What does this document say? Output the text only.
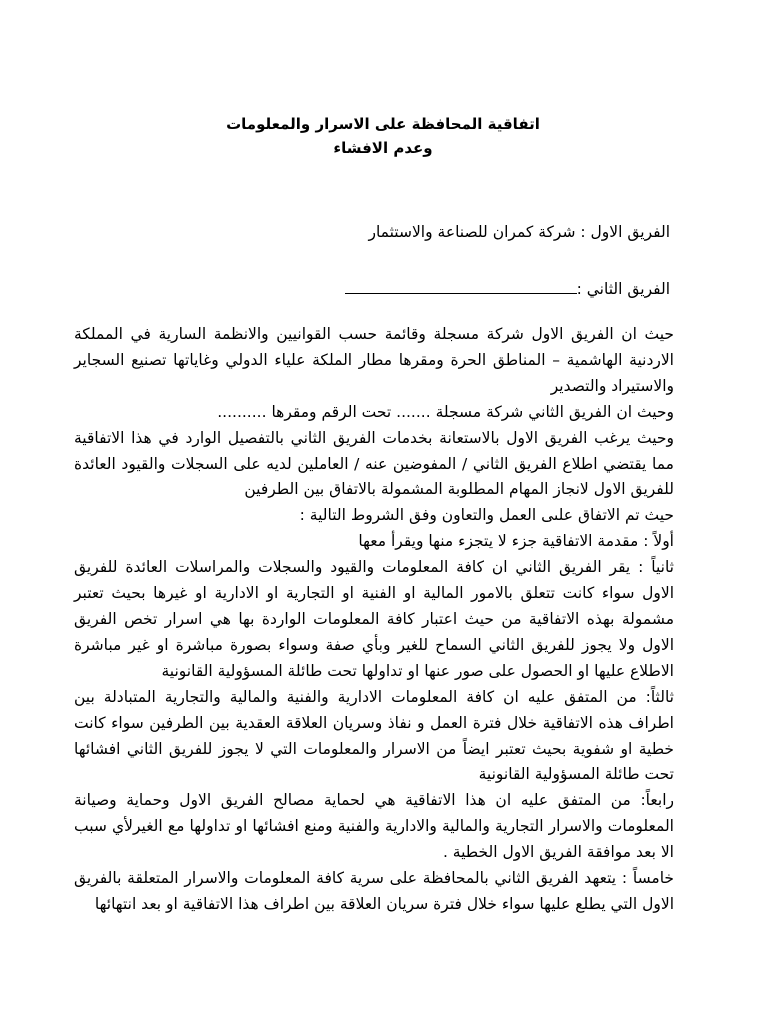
اتفاقية المحافظة على الاسرار والمعلومات

وعدم الافشاء

الفريق الاول : شركة كمران للصناعة والاستثمار
الفريق الثاني :

حيث ان الفريق الاول شركة مسجلة وقائمة حسب القوانيين والانظمة السارية في المملكة الاردنية الهاشمية – المناطق الحرة ومقرها مطار الملكة علياء الدولي وغاياتها تصنيع السجاير والاستيراد والتصدير

وحيث ان الفريق الثاني شركة مسجلة ....... تحت الرقم ومقرها ..........

وحيث يرغب الفريق الاول بالاستعانة بخدمات الفريق الثاني بالتفصيل الوارد في هذا الاتفاقية مما يقتضي اطلاع الفريق الثاني / المفوضين عنه / العاملين لديه على السجلات والقيود العائدة للفريق الاول لانجاز المهام المطلوبة المشمولة بالاتفاق بين الطرفين

حيث تم الاتفاق علىى العمل والتعاون وفق الشروط التالية :

أولاً : مقدمة الاتفاقية جزء لا يتجزء منها ويقرأ معها

ثانياً : يقر الفريق الثاني ان كافة المعلومات والقيود والسجلات والمراسلات العائدة للفريق الاول سواء كانت تتعلق بالامور المالية او الفنية او التجارية او الادارية او غيرها بحيث تعتبر مشمولة بهذه الاتفاقية من حيث اعتبار كافة المعلومات الواردة بها هي اسرار تخص الفريق الاول ولا يجوز للفريق الثاني السماح للغير وبأي صفة وسواء بصورة مباشرة او غير مباشرة الاطلاع عليها او الحصول على صور عنها او تداولها تحت طائلة المسؤولية القانونية

ثالثاً: من المتفق عليه ان كافة المعلومات الادارية والفنية والمالية والتجارية المتبادلة بين اطراف هذه الاتفاقية خلال فترة العمل و نفاذ وسريان العلاقة العقدية بين الطرفين سواء كانت خطية او شفوية بحيث تعتبر ايضاً من الاسرار والمعلومات التي لا يجوز للفريق الثاني افشائها تحت طائلة المسؤولية القانونية

رابعاً: من المتفق عليه ان هذا الاتفاقية هي لحماية مصالح الفريق الاول وحماية وصيانة المعلومات والاسرار التجارية والمالية والادارية والفنية ومنع افشائها او تداولها مع الغيرلأي سبب الا بعد موافقة الفريق الاول الخطية .

خامساً : يتعهد الفريق الثاني بالمحافظة على سرية كافة المعلومات والاسرار المتعلقة بالفريق الاول التي يطلع عليها سواء خلال فترة سريان العلاقة بين اطراف هذا الاتفاقية او بعد انتهائها
